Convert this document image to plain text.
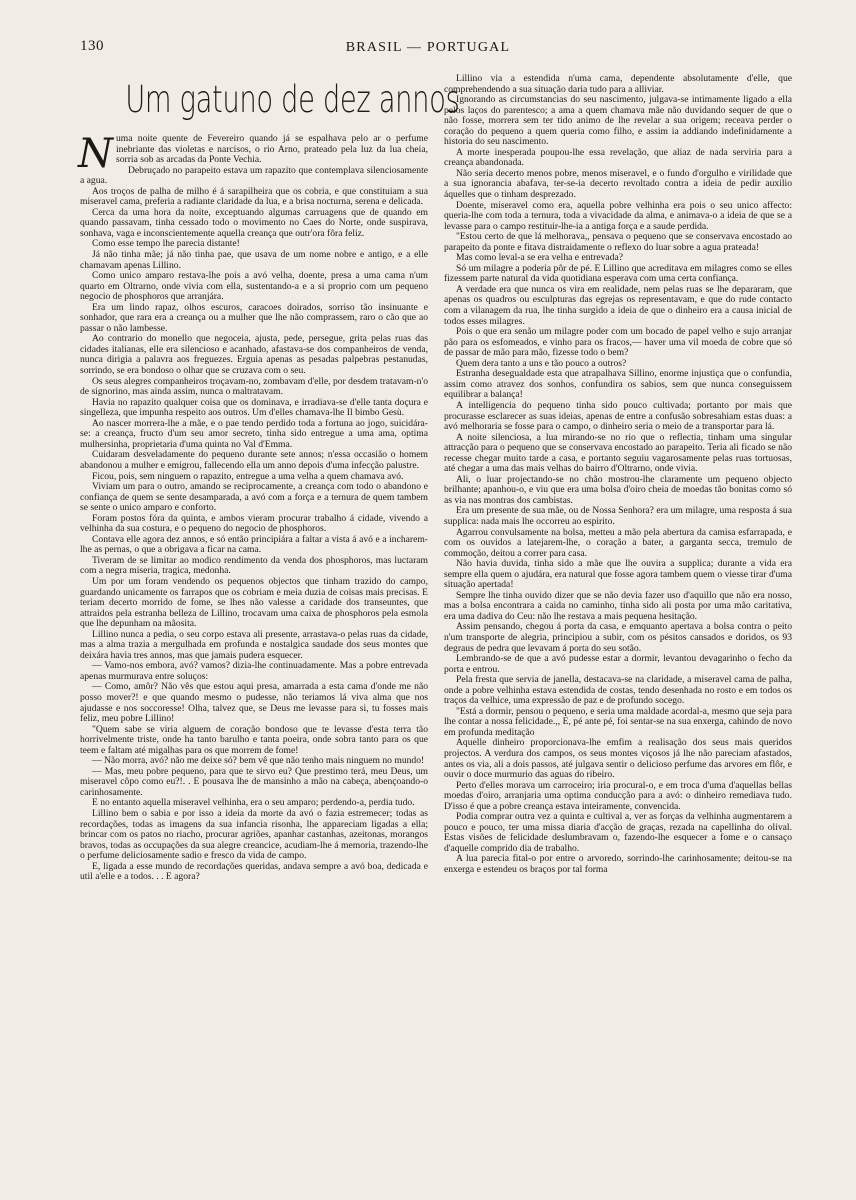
130	BRASIL — PORTUGAL
Um gatuno de dez annos

Numa noite quente de Fevereiro quando já se espalhava pelo ar o perfume inebriante das violetas e narcisos, o rio Arno, prateado pela luz da lua cheia, sorria sob as arcadas da Ponte Vechia.

Debruçado no parapeito estava um rapazito que contemplava silenciosamente a agua.

Aos troços de palha de milho é á sarapilheira que os cobria, e que constituiam a sua miseravel cama, preferia a radiante claridade da lua, e a brisa nocturna, serena e delicada.

Cerca da uma hora da noite, exceptuando algumas carruagens que de quando em quando passavam, tinha cessado todo o movimento no Caes do Norte, onde suspirava, sonhava, vaga e inconscientemente aquella creança que outr'ora fôra feliz.

Como esse tempo lhe parecia distante!

Já não tinha mãe; já não tinha pae, que usava de um nome nobre e antigo, e a elle chamavam apenas Lillino.

Como unico amparo restava-lhe pois a avó velha, doente, presa a uma cama n'um quarto em Oltrarno, onde vivia com ella, sustentando-a e a si proprio com um pequeno negocio de phosphoros que arranjára.

Era um lindo rapaz, olhos escuros, caracoes doirados, sorriso tão insinuante e sonhador, que rara era a creança ou a mulher que lhe não comprassem, raro o cão que ao passar o não lambesse.

Ao contrario do monello que negoceia, ajusta, pede, persegue, grita pelas ruas das cidades italianas, elle era silencioso e acanhado, afastava-se dos companheiros de venda, nunca dirigia a palavra aos freguezes. Erguia apenas as pesadas palpebras pestanudas, sorrindo, se era bondoso o olhar que se cruzava com o seu.

Os seus alegres companheiros troçavam-no, zombavam d'elle, por desdem tratavam-n'o de signorino, mas ainda assim, nunca o maltratavam.

Havia no rapazito qualquer coisa que os dominava, e irradiava-se d'elle tanta doçura e singelleza, que impunha respeito aos outros. Um d'elles chamava-lhe Il bimbo Gesù.

Ao nascer morrera-lhe a mãe, e o pae tendo perdido toda a fortuna ao jogo, suicidára-se: a creança, fructo d'um seu amor secreto, tinha sido entregue a uma ama, optima mulhersinha, proprietaria d'uma quinta no Val d'Emma.

Cuidaram desveladamente do pequeno durante sete annos; n'essa occasião o homem abandonou a mulher e emigrou, fallecendo ella um anno depois d'uma infecção palustre.

Ficou, pois, sem ninguem o rapazito, entregue a uma velha a quem chamava avó.

Viviam um para o outro, amando se reciprocamente, a creança com todo o abandono e confiança de quem se sente desamparada, a avó com a força e a ternura de quem tambem se sente o unico amparo e conforto.

Foram postos fóra da quinta, e ambos vieram procurar trabalho á cidade, vivendo a velhinha da sua costura, e o pequeno do negocio de phosphoros.

Contava elle agora dez annos, e só então principiára a faltar a vista á avó e a incharem-lhe as pernas, o que a obrigava a ficar na cama.

Tiveram de se limitar ao modico rendimento da venda dos phosphoros, mas luctaram com a negra miseria, tragica, medonha.

Um por um foram vendendo os pequenos objectos que tinham trazido do campo, guardando unicamente os farrapos que os cobriam e meia duzia de coisas mais precisas. E teriam decerto morrido de fome, se lhes não valesse a caridade dos transeuntes, que attraidos pela estranha belleza de Lillino, trocavam uma caixa de phosphoros pela esmola que lhe depunham na mãosita.

Lillino nunca a pedia, o seu corpo estava ali presente, arrastava-o pelas ruas da cidade, mas a alma trazia a mergulhada em profunda e nostalgica saudade dos seus montes que deixára havia tres annos, mas que jamais pudera esquecer.

— Vamo-nos embora, avó? vamos? dizia-lhe continuadamente. Mas a pobre entrevada apenas murmurava entre soluços:

— Como, amôr? Não vês que estou aqui presa, amarrada a esta cama d'onde me não posso mover?! e que quando mesmo o pudesse, não teriamos lá viva alma que nos ajudasse e nos soccoresse! Olha, talvez que, se Deus me levasse para si, tu fosses mais feliz, meu pobre Lillino!

"Quem sabe se viria alguem de coração bondoso que te levasse d'esta terra tão horrivelmente triste, onde ha tanto barulho e tanta poeira, onde sobra tanto para os que teem e faltam até migalhas para os que morrem de fome!

— Não morra, avó? não me deixe só? bem vê que não tenho mais ninguem no mundo!

— Mas, meu pobre pequeno, para que te sirvo eu? Que prestimo terá, meu Deus, um miseravel côpo como eu?!. . E pousava lhe de mansinho a mão na cabeça, abençoando-o carinhosamente.

E no entanto aquella miseravel velhinha, era o seu amparo; perdendo-a, perdia tudo.

Lillino bem o sabia e por isso a ideia da morte da avó o fazia estremecer; todas as recordações, todas as imagens da sua infancia risonha, lhe appareciam ligadas a ella; brincar com os patos no riacho, procurar agriões, apanhar castanhas, azeitonas, morangos bravos, todas as occupações da sua alegre creancice, acudiam-lhe á memoria, trazendo-lhe o perfume deliciosamente sadio e fresco da vida de campo.

E, ligada a esse mundo de recordações queridas, andava sempre a avó boa, dedicada e util a'elle e a todos. . . E agora?

Lillino via a estendida n'uma cama, dependente absolutamente d'elle, que comprehendendo a sua situação daria tudo para a alliviar.

Ignorando as circumstancias do seu nascimento, julgava-se intimamente ligado a ella pelos laços do parentesco; a ama a quem chamava mãe não duvidando sequer de que o não fosse, morrera sem ter tido animo de lhe revelar a sua origem; receava perder o coração do pequeno a quem queria como filho, e assim ia addiando indefinidamente a historia do seu nascimento.

A morte inesperada poupou-lhe essa revelação, que aliaz de nada serviria para a creança abandonada.

Não seria decerto menos pobre, menos miseravel, e o fundo d'orgulho e virilidade que a sua ignorancia abafava, ter-se-ia decerto revoltado contra a ideia de pedir auxilio áquelles que o tinham desprezado.

Doente, miseravel como era, aquella pobre velhinha era pois o seu unico affecto: queria-lhe com toda a ternura, toda a vivacidade da alma, e animava-o a ideia de que se a levasse para o campo restituir-lhe-ia a antiga força e a saude perdida.

"Estou certo de que lá melhorava,, pensava o pequeno que se conservava encostado ao parapeito da ponte e fitava distraidamente o reflexo do luar sobre a agua prateada!

Mas como leval-a se era velha e entrevada?

Só um milagre a poderia pôr de pé. E Lillino que acreditava em milagres como se elles fizessem parte natural da vida quotidiana esperava com uma certa confiança.

A verdade era que nunca os vira em realidade, nem pelas ruas se lhe depararam, que apenas os quadros ou esculpturas das egrejas os representavam, e que do rude contacto com a vilanagem da rua, lhe tinha surgido a ideia de que o dinheiro era a causa inicial de todos esses milagres.

Pois o que era senão um milagre poder com um bocado de papel velho e sujo arranjar pão para os esfomeados, e vinho para os fracos,— haver uma vil moeda de cobre que só de passar de mão para mão, fizesse todo o bem?

Quem dera tanto a uns e tão pouco a outros?

Estranha desegualdade esta que atrapalhava Sillino, enorme injustiça que o confundia, assim como atravez dos sonhos, confundira os sabios, sem que nunca conseguissem equilibrar a balança!

A intelligencia do pequeno tinha sido pouco cultivada; portanto por mais que procurasse esclarecer as suas ideias, apenas de entre a confusão sobresahiam estas duas: a avó melhoraria se fosse para o campo, o dinheiro seria o meio de a transportar para lá.

A noite silenciosa, a lua mirando-se no rio que o reflectia, tinham uma singular attracção para o pequeno que se conservava encostado ao parapeito. Teria ali ficado se não recesse chegar muito tarde a casa, e portanto seguiu vagarosamente pelas ruas tortuosas, até chegar a uma das mais velhas do bairro d'Oltrarno, onde vivia.

Ali, o luar projectando-se no chão mostrou-lhe claramente um pequeno objecto brilhante; apanhou-o, e viu que era uma bolsa d'oiro cheia de moedas tão bonitas como só as via nas montras dos cambistas.

Era um presente de sua mãe, ou de Nossa Senhora? era um milagre, uma resposta á sua supplica: nada mais lhe occorreu ao espirito.

Agarrou convulsamente na bolsa, metteu a mão pela abertura da camisa esfarrapada, e com os ouvidos a latejarem-lhe, o coração a bater, a garganta secca, tremulo de commoção, deitou a correr para casa.

Não havia duvida, tinha sido a mãe que lhe ouvira a supplica; durante a vida era sempre ella quem o ajudára, era natural que fosse agora tambem quem o viesse tirar d'uma situação apertada!

Sempre lhe tinha ouvido dizer que se não devia fazer uso d'aquillo que não era nosso, mas a bolsa encontrara a caida no caminho, tinha sido ali posta por uma mão caritativa, era uma dadiva do Ceu: não lhe restava a mais pequena hesitação.

Assim pensando, chegou á porta da casa, e emquanto apertava a bolsa contra o peito n'um transporte de alegria, principiou a subir, com os pésitos cansados e doridos, os 93 degraus de pedra que levavam á porta do seu sotão.

Lembrando-se de que a avó pudesse estar a dormir, levantou devagarinho o fecho da porta e entrou.

Pela fresta que servia de janella, destacava-se na claridade, a miseravel cama de palha, onde a pobre velhinha estava estendida de costas, tendo desenhada no rosto e em todos os traços da velhice, uma expressão de paz e de profundo socego.

"Está a dormir, pensou o pequeno, e seria uma maldade acordal-a, mesmo que seja para lhe contar a nossa felicidade.,, E, pé ante pé, foi sentar-se na sua enxerga, cahindo de novo em profunda meditação

Aquelle dinheiro proporcionava-lhe emfim a realisação dos seus mais queridos projectos. A verdura dos campos, os seus montes viçosos já lhe não pareciam afastados, antes os via, ali a dois passos, até julgava sentir o delicioso perfume das arvores em flôr, e ouvir o doce murmurio das aguas do ribeiro.

Perto d'elles morava um carroceiro; iria procural-o, e em troca d'uma d'aquellas bellas moedas d'oiro, arranjaria uma optima conducção para a avó: o dinheiro remediava tudo. D'isso é que a pobre creança estava inteiramente, convencida.

Podia comprar outra vez a quinta e cultival a, ver as forças da velhinha augmentarem a pouco e pouco, ter uma missa diaria d'acção de graças, rezada na capellinha do olival. Estas visões de felicidade deslumbravam o, fazendo-lhe esquecer a fome e o cansaço d'aquelle comprido dia de trabalho.

A lua parecia fital-o por entre o arvoredo, sorrindo-lhe carinhosamente; deitou-se na enxerga e estendeu os braços por tal forma
